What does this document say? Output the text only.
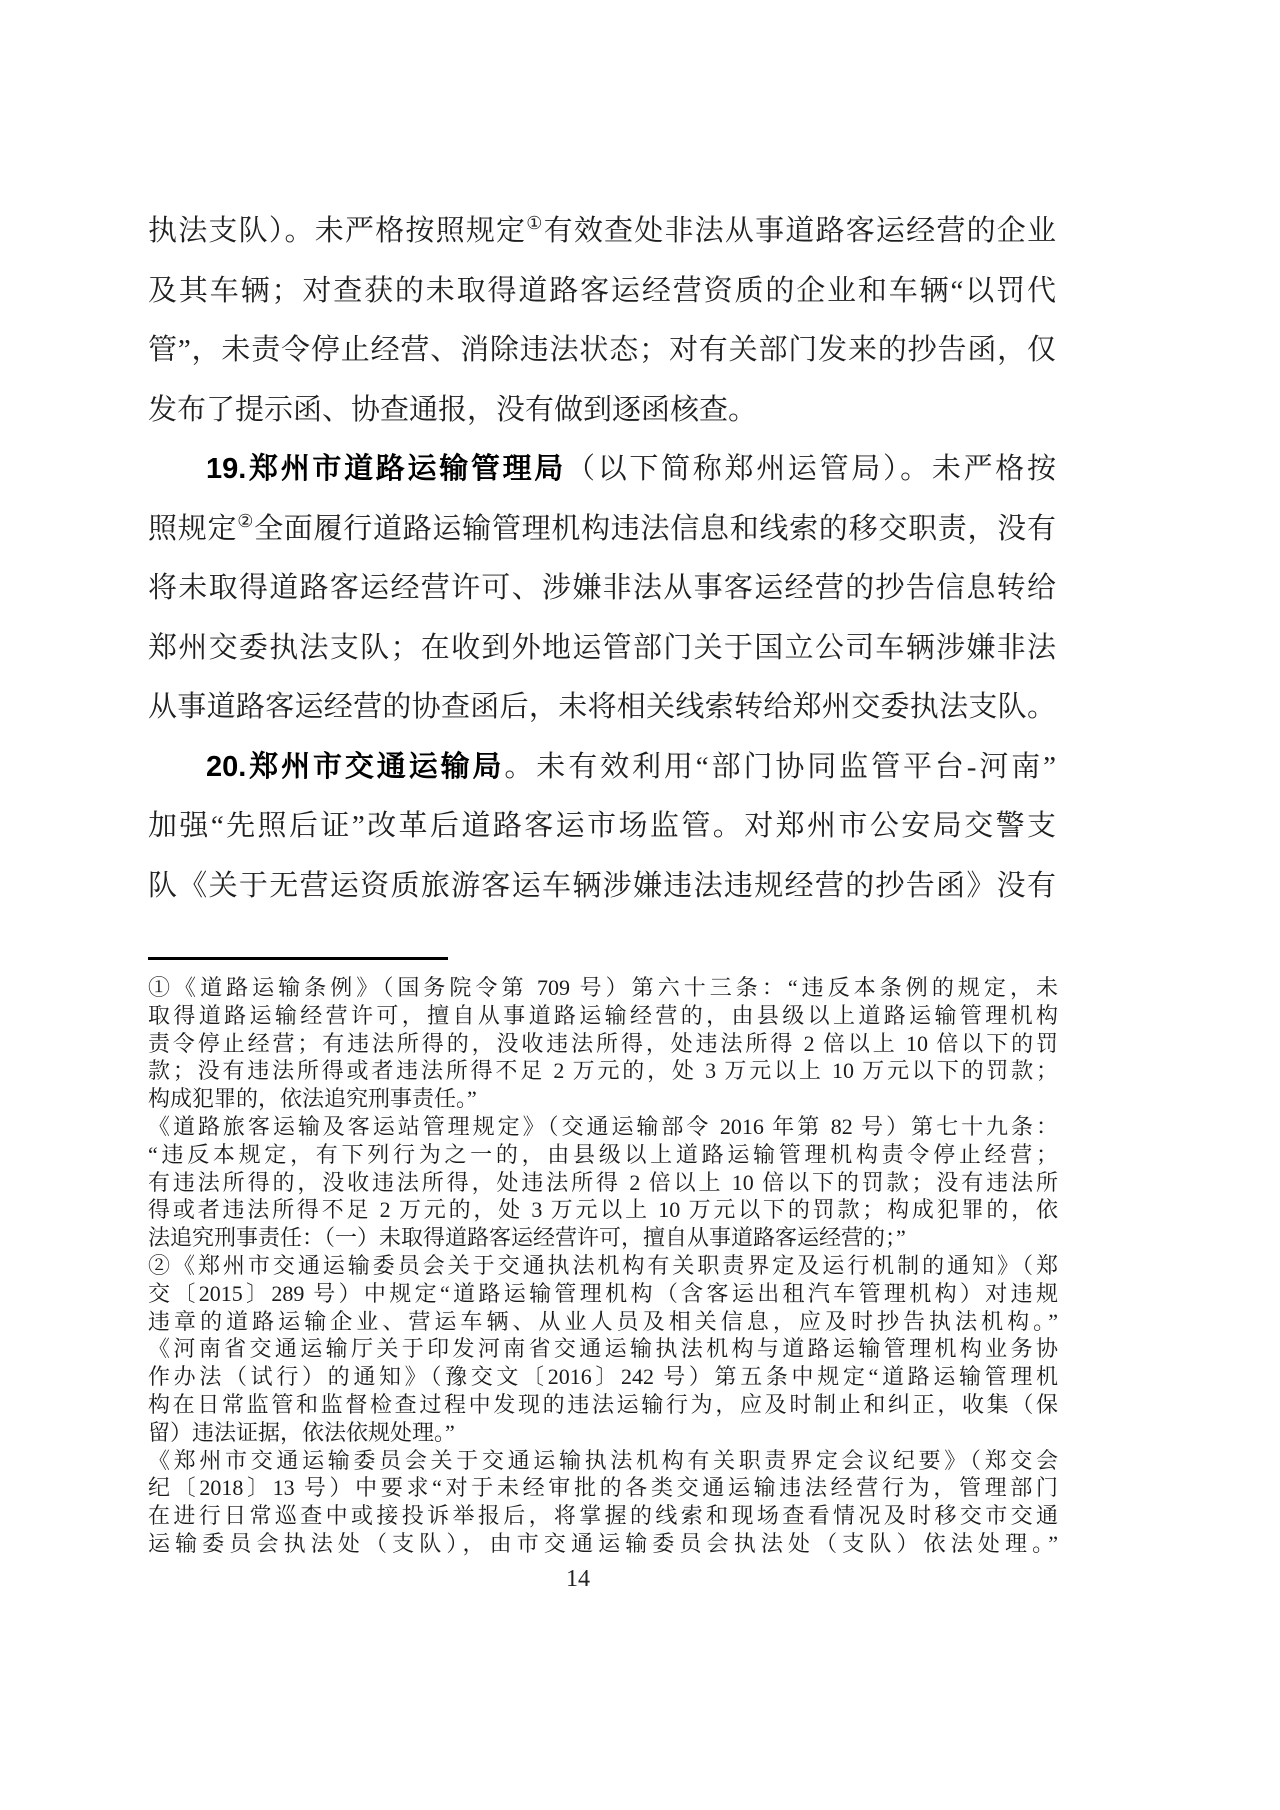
执法支队）。未严格按照规定①有效查处非法从事道路客运经营的企业
及其车辆；对查获的未取得道路客运经营资质的企业和车辆“以罚代
管”，未责令停止经营、消除违法状态；对有关部门发来的抄告函，仅
发布了提示函、协查通报，没有做到逐函核查。
19.郑州市道路运输管理局（以下简称郑州运管局）。未严格按
照规定②全面履行道路运输管理机构违法信息和线索的移交职责，没有
将未取得道路客运经营许可、涉嫌非法从事客运经营的抄告信息转给
郑州交委执法支队；在收到外地运管部门关于国立公司车辆涉嫌非法
从事道路客运经营的协查函后，未将相关线索转给郑州交委执法支队。
20.郑州市交通运输局。未有效利用“部门协同监管平台-河南”
加强“先照后证”改革后道路客运市场监管。对郑州市公安局交警支
队《关于无营运资质旅游客运车辆涉嫌违法违规经营的抄告函》没有
①《道路运输条例》（国务院令第 709 号）第六十三条：“违反本条例的规定，未
取得道路运输经营许可，擅自从事道路运输经营的，由县级以上道路运输管理机构
责令停止经营；有违法所得的，没收违法所得，处违法所得 2 倍以上 10 倍以下的罚
款；没有违法所得或者违法所得不足 2 万元的，处 3 万元以上 10 万元以下的罚款；
构成犯罪的，依法追究刑事责任。”
《道路旅客运输及客运站管理规定》（交通运输部令 2016 年第 82 号）第七十九条：
“违反本规定，有下列行为之一的，由县级以上道路运输管理机构责令停止经营；
有违法所得的，没收违法所得，处违法所得 2 倍以上 10 倍以下的罚款；没有违法所
得或者违法所得不足 2 万元的，处 3 万元以上 10 万元以下的罚款；构成犯罪的，依
法追究刑事责任：（一）未取得道路客运经营许可，擅自从事道路客运经营的；”
②《郑州市交通运输委员会关于交通执法机构有关职责界定及运行机制的通知》（郑
交〔2015〕289 号）中规定“道路运输管理机构（含客运出租汽车管理机构）对违规
违章的道路运输企业、营运车辆、从业人员及相关信息，应及时抄告执法机构。”
《河南省交通运输厅关于印发河南省交通运输执法机构与道路运输管理机构业务协
作办法（试行）的通知》（豫交文〔2016〕242 号）第五条中规定“道路运输管理机
构在日常监管和监督检查过程中发现的违法运输行为，应及时制止和纠正，收集（保
留）违法证据，依法依规处理。”
《郑州市交通运输委员会关于交通运输执法机构有关职责界定会议纪要》（郑交会
纪〔2018〕13 号）中要求“对于未经审批的各类交通运输违法经营行为，管理部门
在进行日常巡查中或接投诉举报后，将掌握的线索和现场查看情况及时移交市交通
运输委员会执法处（支队），由市交通运输委员会执法处（支队）依法处理。”
14
